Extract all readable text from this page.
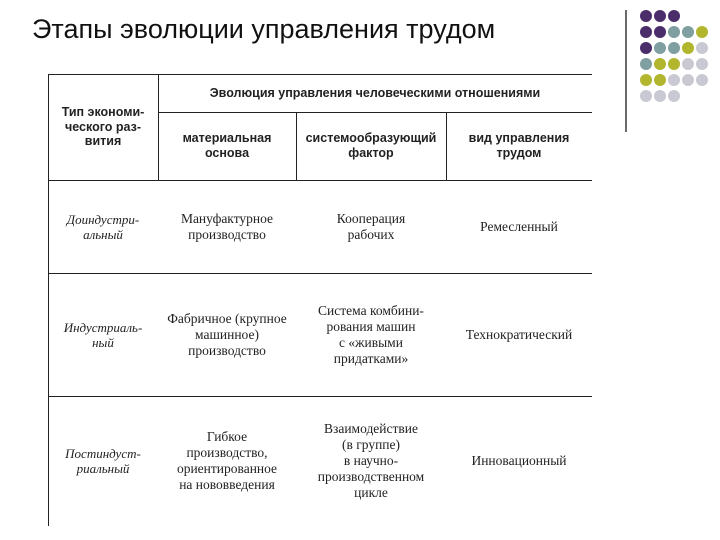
Этапы эволюции управления трудом
Тип экономи-
ческого раз-
вития
Эволюция управления человеческими отношениями
материальная
основа
системообразующий
фактор
вид управления
трудом
Доиндустри-
альный
Мануфактурное
производство
Кооперация
рабочих
Ремесленный
Индустриаль-
ный
Фабричное (крупное
машинное)
производство
Система комбини-
рования машин
с «живыми
придатками»
Технократический
Постиндуст-
риальный
Гибкое
производство,
ориентированное
на нововведения
Взаимодействие
(в группе)
в научно-
производственном
цикле
Инновационный
